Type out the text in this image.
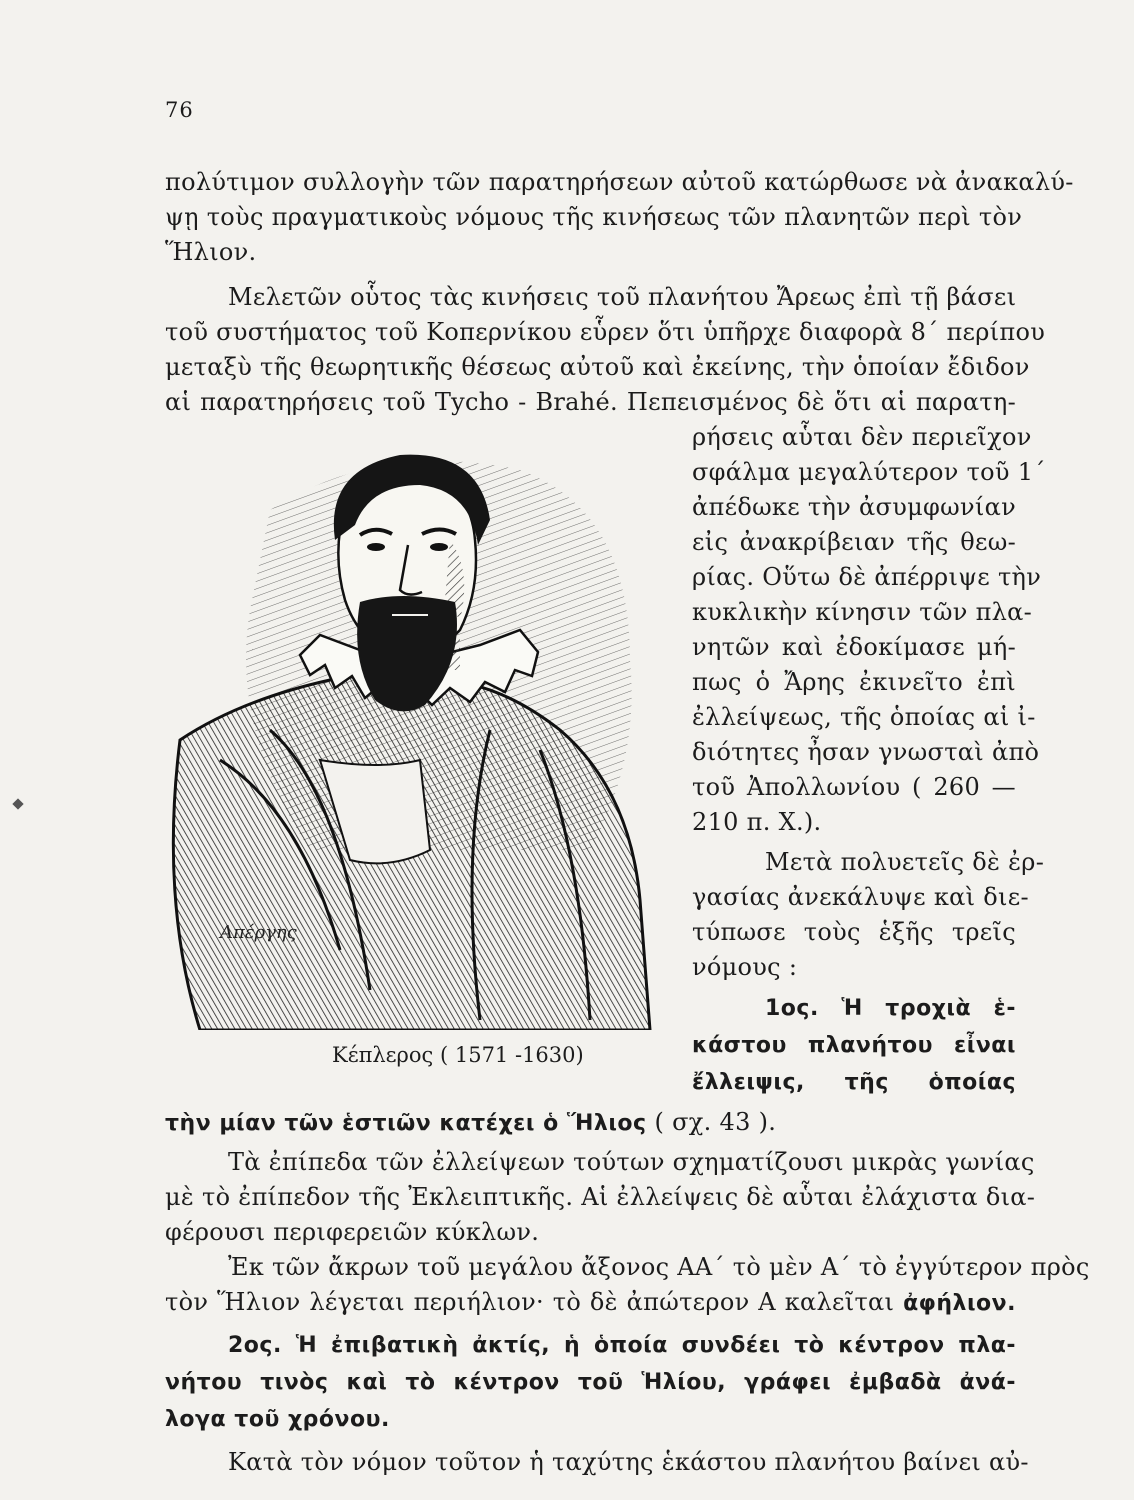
76
πολύτιμον συλλογὴν τῶν παρατηρήσεων αὐτοῦ κατώρθωσε νὰ ἀνακαλύ-
ψῃ τοὺς πραγματικοὺς νόμους τῆς κινήσεως τῶν πλανητῶν περὶ τὸν
Ἥλιον.
Μελετῶν οὗτος τὰς κινήσεις τοῦ πλανήτου Ἄρεως ἐπὶ τῇ βάσει
τοῦ συστήματος τοῦ Κοπερνίκου εὗρεν ὅτι ὑπῆρχε διαφορὰ 8΄ περίπου
μεταξὺ τῆς θεωρητικῆς θέσεως αὐτοῦ καὶ ἐκείνης, τὴν ὁποίαν ἔδιδον
αἱ παρατηρήσεις τοῦ Tycho - Brahé. Πεπεισμένος δὲ ὅτι αἱ παρατη-
ρήσεις αὗται δὲν περιεῖχον
σφάλμα μεγαλύτερον τοῦ 1΄
ἀπέδωκε τὴν ἀσυμφωνίαν
εἰς ἀνακρίβειαν τῆς θεω-
ρίας. Οὕτω δὲ ἀπέρριψε τὴν
κυκλικὴν κίνησιν τῶν πλα-
νητῶν καὶ ἐδοκίμασε μή-
πως ὁ Ἄρης ἐκινεῖτο ἐπὶ
ἐλλείψεως, τῆς ὁποίας αἱ ἰ-
διότητες ἦσαν γνωσταὶ ἀπὸ
τοῦ Ἀπολλωνίου ( 260 —
210 π. Χ.).
Μετὰ πολυετεῖς δὲ ἐρ-
γασίας ἀνεκάλυψε καὶ διε-
τύπωσε τοὺς ἑξῆς τρεῖς
νόμους :
1ος. Ἡ τροχιὰ ἑ-
κάστου πλανήτου εἶναι
ἔλλειψις, τῆς ὁποίας
τὴν μίαν τῶν ἑστιῶν κατέχει ὁ Ἥλιος ( σχ. 43 ).
Τὰ ἐπίπεδα τῶν ἐλλείψεων τούτων σχηματίζουσι μικρὰς γωνίας
μὲ τὸ ἐπίπεδον τῆς Ἐκλειπτικῆς. Αἱ ἐλλείψεις δὲ αὗται ἐλάχιστα δια-
φέρουσι περιφερειῶν κύκλων.
Ἐκ τῶν ἄκρων τοῦ μεγάλου ἄξονος ΑΑ΄ τὸ μὲν Α΄ τὸ ἐγγύτερον πρὸς
τὸν Ἥλιον λέγεται περιήλιον· τὸ δὲ ἀπώτερον Α καλεῖται ἀφήλιον.
2ος. Ἡ ἐπιβατικὴ ἀκτίς, ἡ ὁποία συνδέει τὸ κέντρον πλα-
νήτου τινὸς καὶ τὸ κέντρον τοῦ Ἡλίου, γράφει ἐμβαδὰ ἀνά-
λογα τοῦ χρόνου.
Κατὰ τὸν νόμον τοῦτον ἡ ταχύτης ἑκάστου πλανήτου βαίνει αὐ-
Απέργης
Κέπλερος ( 1571 -1630)
